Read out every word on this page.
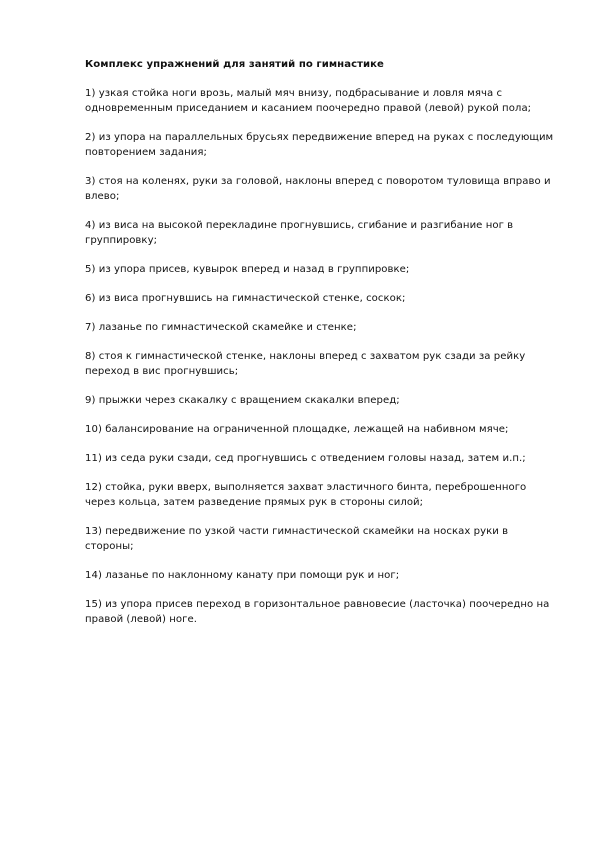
Комплекс упражнений для занятий по гимнастике
1) узкая стойка ноги врозь, малый мяч внизу, подбрасывание и ловля мяча с одновременным приседанием и касанием поочередно правой (левой) рукой пола;
2) из упора на параллельных брусьях передвижение вперед на руках с последующим повторением задания;
3) стоя на коленях, руки за головой, наклоны вперед с поворотом туловища вправо и влево;
4) из виса на высокой перекладине прогнувшись, сгибание и разгибание ног в группировку;
5) из упора присев, кувырок вперед и назад в группировке;
6) из виса прогнувшись на гимнастической стенке, соскок;
7) лазанье по гимнастической скамейке и стенке;
8) стоя к гимнастической стенке, наклоны вперед с захватом рук сзади за рейку переход в вис прогнувшись;
9) прыжки через скакалку с вращением скакалки вперед;
10) балансирование на ограниченной площадке, лежащей на набивном мяче;
11) из седа руки сзади, сед прогнувшись с отведением головы назад, затем и.п.;
12) стойка, руки вверх, выполняется захват эластичного бинта, переброшенного через кольца, затем разведение прямых рук в стороны силой;
13) передвижение по узкой части гимнастической скамейки на носках руки в стороны;
14) лазанье по наклонному канату при помощи рук и ног;
15) из упора присев переход в горизонтальное равновесие (ласточка) поочередно на правой (левой) ноге.
